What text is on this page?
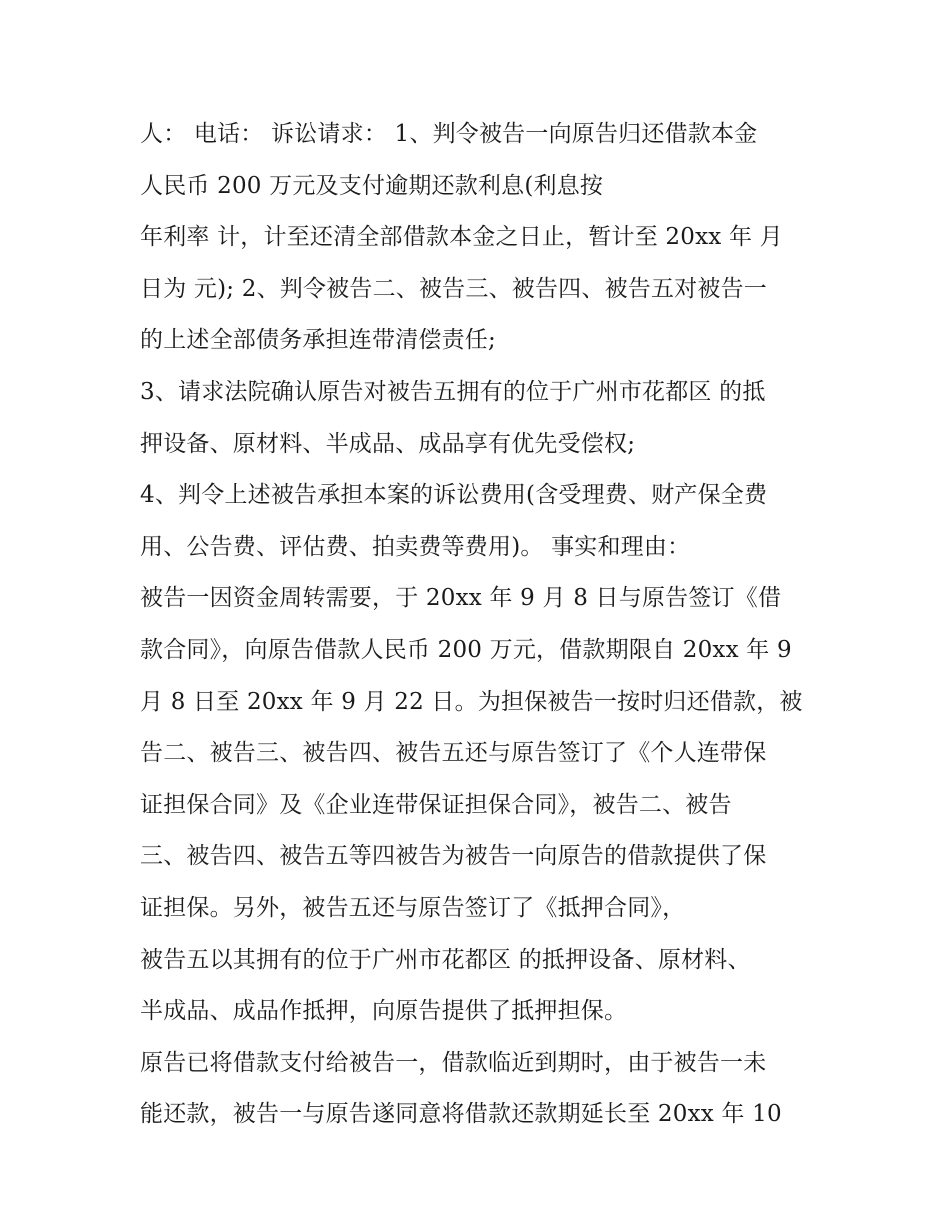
人： 电话： 诉讼请求： 1、判令被告一向原告归还借款本金
人民币 200 万元及支付逾期还款利息(利息按
年利率 计，计至还清全部借款本金之日止，暂计至 20xx 年 月
日为 元); 2、判令被告二、被告三、被告四、被告五对被告一
的上述全部债务承担连带清偿责任;
3、请求法院确认原告对被告五拥有的位于广州市花都区 的抵
押设备、原材料、半成品、成品享有优先受偿权;
4、判令上述被告承担本案的诉讼费用(含受理费、财产保全费
用、公告费、评估费、拍卖费等费用)。 事实和理由：
被告一因资金周转需要，于 20xx 年 9 月 8 日与原告签订《借
款合同》，向原告借款人民币 200 万元，借款期限自 20xx 年 9
月 8 日至 20xx 年 9 月 22 日。为担保被告一按时归还借款，被
告二、被告三、被告四、被告五还与原告签订了《个人连带保
证担保合同》及《企业连带保证担保合同》，被告二、被告
三、被告四、被告五等四被告为被告一向原告的借款提供了保
证担保。另外，被告五还与原告签订了《抵押合同》，
被告五以其拥有的位于广州市花都区 的抵押设备、原材料、
半成品、成品作抵押，向原告提供了抵押担保。
原告已将借款支付给被告一，借款临近到期时，由于被告一未
能还款，被告一与原告遂同意将借款还款期延长至 20xx 年 10
